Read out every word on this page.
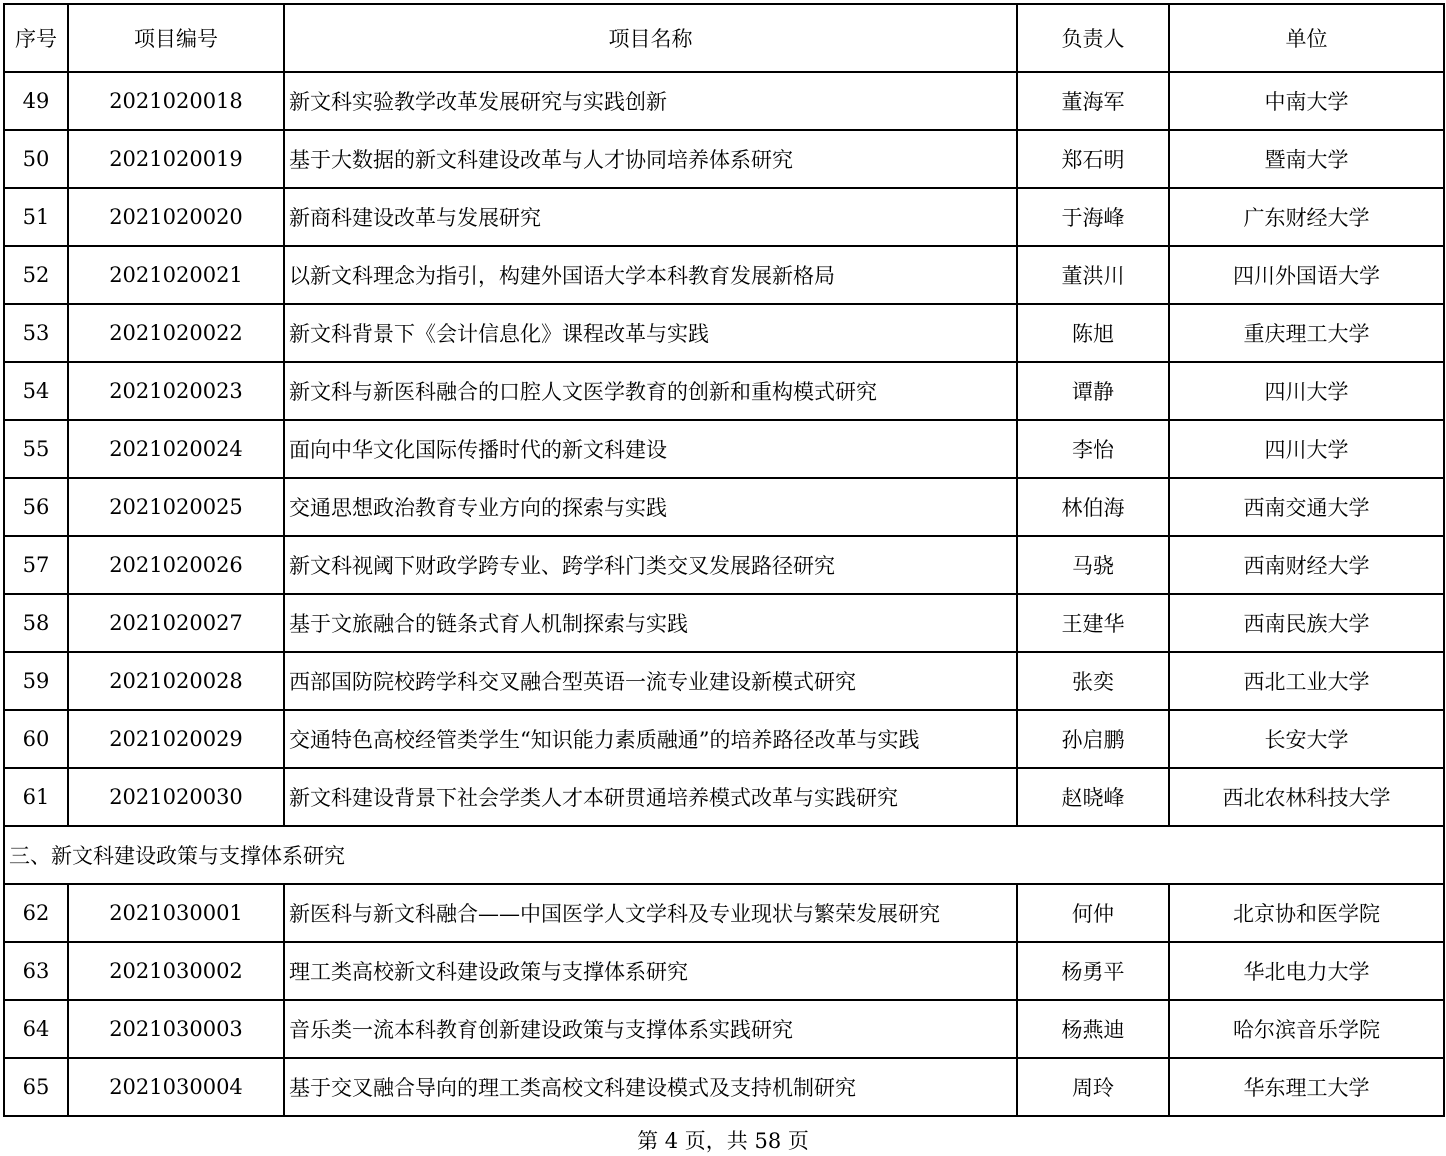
序号	项目编号	项目名称	负责人	单位
49	2021020018	新文科实验教学改革发展研究与实践创新	董海军	中南大学
50	2021020019	基于大数据的新文科建设改革与人才协同培养体系研究	郑石明	暨南大学
51	2021020020	新商科建设改革与发展研究	于海峰	广东财经大学
52	2021020021	以新文科理念为指引，构建外国语大学本科教育发展新格局	董洪川	四川外国语大学
53	2021020022	新文科背景下《会计信息化》课程改革与实践	陈旭	重庆理工大学
54	2021020023	新文科与新医科融合的口腔人文医学教育的创新和重构模式研究	谭静	四川大学
55	2021020024	面向中华文化国际传播时代的新文科建设	李怡	四川大学
56	2021020025	交通思想政治教育专业方向的探索与实践	林伯海	西南交通大学
57	2021020026	新文科视阈下财政学跨专业、跨学科门类交叉发展路径研究	马骁	西南财经大学
58	2021020027	基于文旅融合的链条式育人机制探索与实践	王建华	西南民族大学
59	2021020028	西部国防院校跨学科交叉融合型英语一流专业建设新模式研究	张奕	西北工业大学
60	2021020029	交通特色高校经管类学生“知识能力素质融通”的培养路径改革与实践	孙启鹏	长安大学
61	2021020030	新文科建设背景下社会学类人才本研贯通培养模式改革与实践研究	赵晓峰	西北农林科技大学
三、新文科建设政策与支撑体系研究				
62	2021030001	新医科与新文科融合——中国医学人文学科及专业现状与繁荣发展研究	何仲	北京协和医学院
63	2021030002	理工类高校新文科建设政策与支撑体系研究	杨勇平	华北电力大学
64	2021030003	音乐类一流本科教育创新建设政策与支撑体系实践研究	杨燕迪	哈尔滨音乐学院
65	2021030004	基于交叉融合导向的理工类高校文科建设模式及支持机制研究	周玲	华东理工大学
第 4 页，共 58 页
